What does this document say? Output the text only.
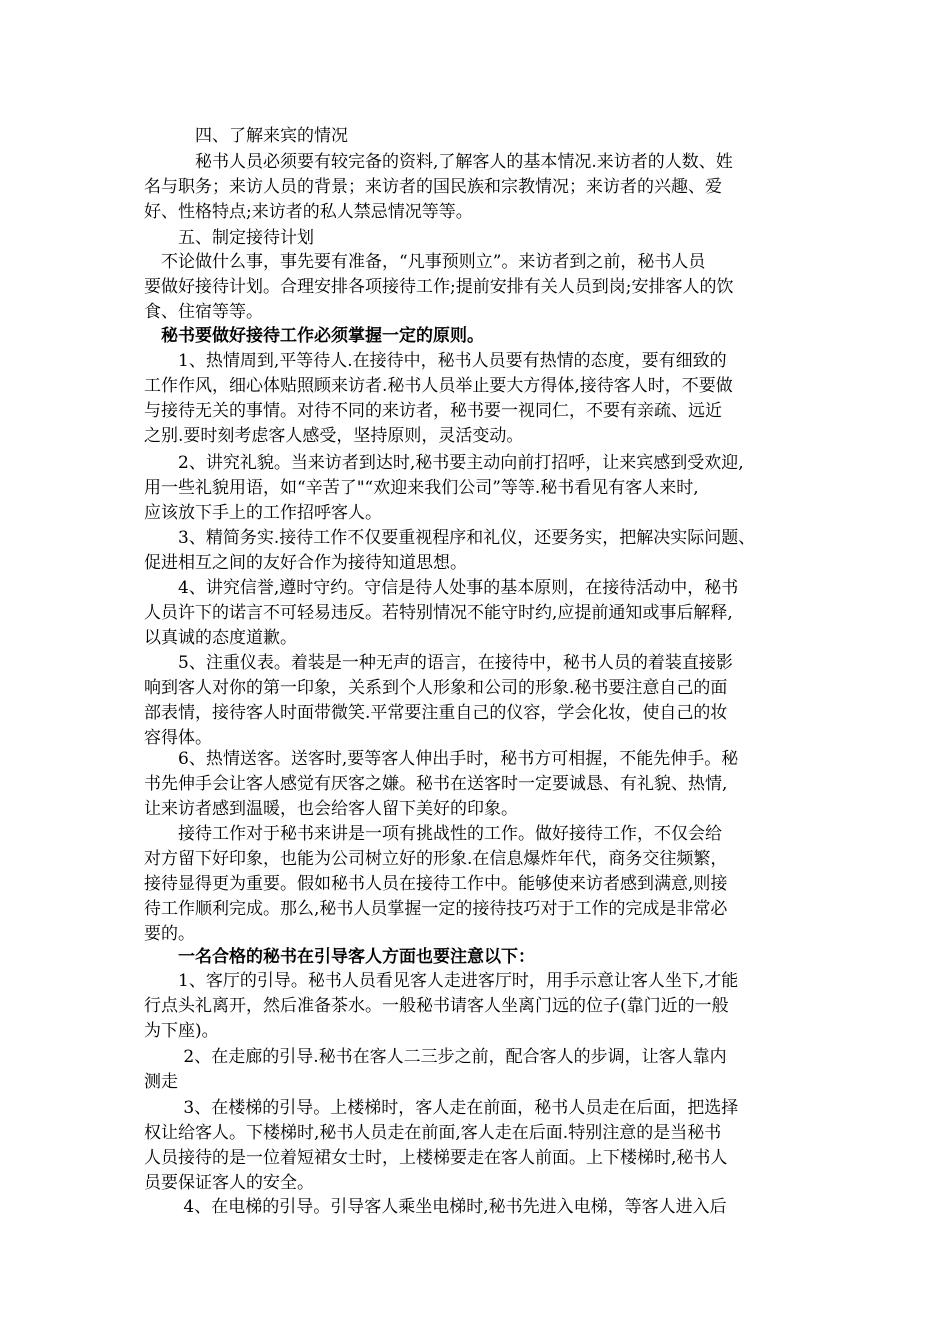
　　　四、了解来宾的情况
　　　秘书人员必须要有较完备的资料,了解客人的基本情况.来访者的人数、姓
名与职务；来访人员的背景；来访者的国民族和宗教情况；来访者的兴趣、爱
好、性格特点;来访者的私人禁忌情况等等。
　　五、制定接待计划
　不论做什么事，事先要有准备，“凡事预则立”。来访者到之前，秘书人员
要做好接待计划。合理安排各项接待工作;提前安排有关人员到岗;安排客人的饮
食、住宿等等。
　秘书要做好接待工作必须掌握一定的原则。
　　1、热情周到,平等待人.在接待中，秘书人员要有热情的态度，要有细致的
工作作风，细心体贴照顾来访者.秘书人员举止要大方得体,接待客人时，不要做
与接待无关的事情。对待不同的来访者，秘书要一视同仁，不要有亲疏、远近
之别.要时刻考虑客人感受，坚持原则，灵活变动。
　　2、讲究礼貌。当来访者到达时,秘书要主动向前打招呼，让来宾感到受欢迎,
用一些礼貌用语，如“辛苦了"“欢迎来我们公司”等等.秘书看见有客人来时,
应该放下手上的工作招呼客人。
　　3、精简务实.接待工作不仅要重视程序和礼仪，还要务实，把解决实际问题、
促进相互之间的友好合作为接待知道思想。
　　4、讲究信誉,遵时守约。守信是待人处事的基本原则，在接待活动中，秘书
人员许下的诺言不可轻易违反。若特别情况不能守时约,应提前通知或事后解释,
以真诚的态度道歉。
　　5、注重仪表。着装是一种无声的语言，在接待中，秘书人员的着装直接影
响到客人对你的第一印象，关系到个人形象和公司的形象.秘书要注意自己的面
部表情，接待客人时面带微笑.平常要注重自己的仪容，学会化妆，使自己的妆
容得体。
　　6、热情送客。送客时,要等客人伸出手时，秘书方可相握，不能先伸手。秘
书先伸手会让客人感觉有厌客之嫌。秘书在送客时一定要诚恳、有礼貌、热情,
让来访者感到温暖，也会给客人留下美好的印象。
　　接待工作对于秘书来讲是一项有挑战性的工作。做好接待工作，不仅会给
对方留下好印象，也能为公司树立好的形象.在信息爆炸年代，商务交往频繁，
接待显得更为重要。假如秘书人员在接待工作中。能够使来访者感到满意,则接
待工作顺利完成。那么,秘书人员掌握一定的接待技巧对于工作的完成是非常必
要的。
　　一名合格的秘书在引导客人方面也要注意以下：
　　1、客厅的引导。秘书人员看见客人走进客厅时，用手示意让客人坐下,才能
行点头礼离开，然后准备茶水。一般秘书请客人坐离门远的位子(靠门近的一般
为下座)。
　　 2、在走廊的引导.秘书在客人二三步之前，配合客人的步调，让客人靠内
测走
　　 3、在楼梯的引导。上楼梯时，客人走在前面，秘书人员走在后面，把选择
权让给客人。下楼梯时,秘书人员走在前面,客人走在后面.特别注意的是当秘书
人员接待的是一位着短裙女士时，上楼梯要走在客人前面。上下楼梯时,秘书人
员要保证客人的安全。
　　 4、在电梯的引导。引导客人乘坐电梯时,秘书先进入电梯，等客人进入后
